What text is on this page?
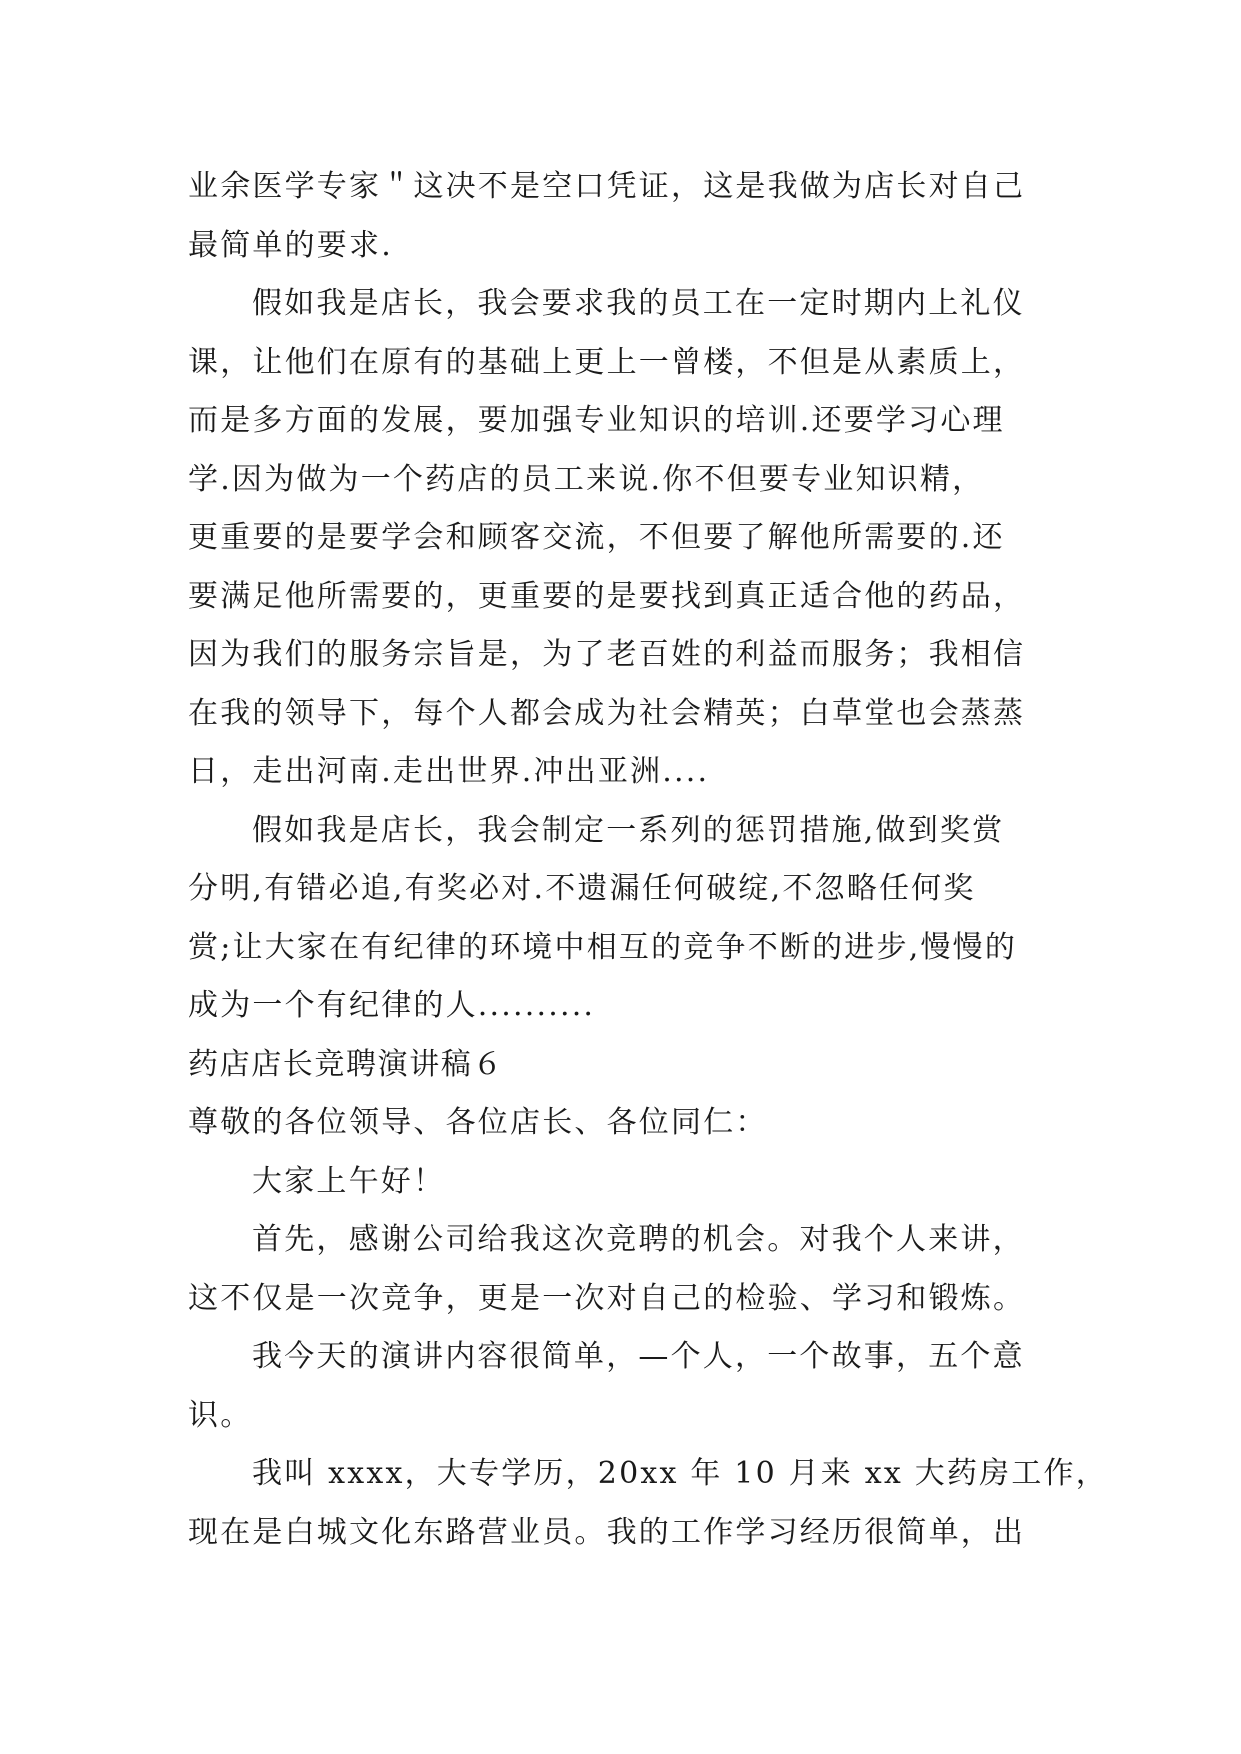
业余医学专家＂这决不是空口凭证，这是我做为店长对自己
最简单的要求.
假如我是店长，我会要求我的员工在一定时期内上礼仪
课，让他们在原有的基础上更上一曾楼，不但是从素质上，
而是多方面的发展，要加强专业知识的培训.还要学习心理
学.因为做为一个药店的员工来说.你不但要专业知识精，
更重要的是要学会和顾客交流，不但要了解他所需要的.还
要满足他所需要的，更重要的是要找到真正适合他的药品，
因为我们的服务宗旨是，为了老百姓的利益而服务；我相信
在我的领导下，每个人都会成为社会精英；白草堂也会蒸蒸
日，走出河南.走出世界.冲出亚洲....
假如我是店长，我会制定一系列的惩罚措施,做到奖赏
分明,有错必追,有奖必对.不遗漏任何破绽,不忽略任何奖
赏;让大家在有纪律的环境中相互的竞争不断的进步,慢慢的
成为一个有纪律的人..........
药店店长竞聘演讲稿６
尊敬的各位领导、各位店长、各位同仁：
大家上午好！
首先，感谢公司给我这次竞聘的机会。对我个人来讲，
这不仅是一次竞争，更是一次对自己的检验、学习和锻炼。
我今天的演讲内容很简单，—个人，一个故事，五个意
识。
我叫 xxxx，大专学历，20xx 年 10 月来 xx 大药房工作，
现在是白城文化东路营业员。我的工作学习经历很简单，出
